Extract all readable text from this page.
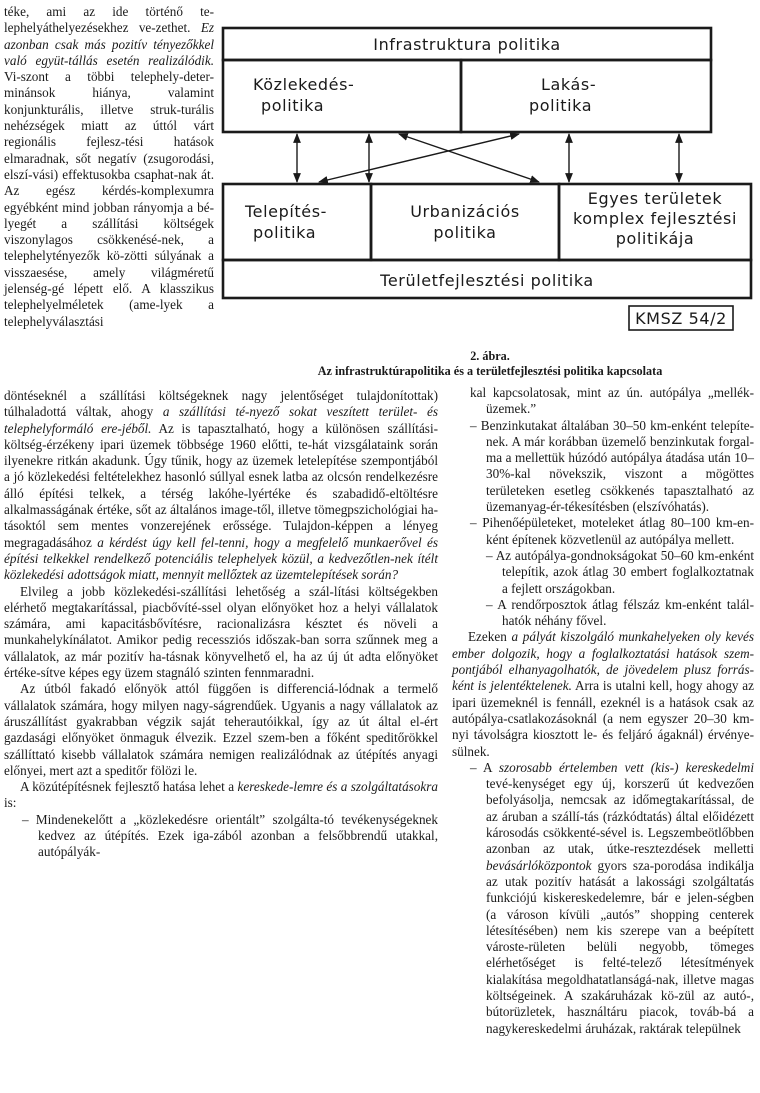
téke, ami az ide történő te-lephelyáthelyezésekhez ve-zethet. Ez azonban csak más pozitív tényezőkkel való együt-tállás esetén realizálódik. Vi-szont a többi telephely-deter-minánsok hiánya, valamint konjunkturális, illetve struk-turális nehézségek miatt az úttól várt regionális fejlesz-tési hatások elmaradnak, sőt negatív (zsugorodási, elszí-vási) effektusokba csaphat-nak át. Az egész kérdés-komplexumra egyébként mind jobban rányomja a bé-lyegét a szállítási költségek viszonylagos csökkenésé-nek, a telephelytényezők kö-zötti súlyának a visszaesése, amely világméretű jelenség-gé lépett elő. A klasszikus telephelyelméletek (ame-lyek a telephelyválasztási

Infrastruktura politika
Közlekedés-politika
Lakás-politika
Telepítés-politika
Urbanizációs politika
Egyes területek komplex fejlesztési politikája
Területfejlesztési politika
KMSZ 54/2
2. ábra.
Az infrastruktúrapolitika és a területfejlesztési politika kapcsolata

döntéseknél a szállítási költségeknek nagy jelentőséget tulajdonítottak) túlhaladottá váltak, ahogy a szállítási té-nyező sokat veszített terület- és telephelyformáló ere-jéből. Az is tapasztalható, hogy a különösen szállítási-költség-érzékeny ipari üzemek többsége 1960 előtti, te-hát vizsgálataink során ilyenekre ritkán akadunk. Úgy tűnik, hogy az üzemek letelepítése szempontjából a jó közlekedési feltételekhez hasonló súllyal esnek latba az olcsón rendelkezésre álló építési telkek, a térség lakóhe-lyértékе és szabadidő-eltöltésre alkalmasságának értéke, sőt az általános image-től, illetve tömegpszichológiai ha-tásoktól sem mentes vonzerejének erőssége. Tulajdon-képpen a lényeg megragadásához a kérdést úgy kell fel-tenni, hogy a megfelelő munkaerővel és építési telkekkel rendelkező potenciális telephelyek közül, a kedvezőtlen-nek ítélt közlekedési adottságok miatt, mennyit mellőztek az üzemtelepítések során?

Elvileg a jobb közlekedési-szállítási lehetőség a szál-lítási költségekben elérhető megtakarítással, piacbővíté-ssel olyan előnyöket hoz a helyi vállalatok számára, ami kapacitásbővítésre, racionalizásra késztet és növeli a munkahelykínálatot. Amikor pedig recessziós időszak-ban sorra szűnnek meg a vállalatok, az már pozitív ha-tásnak könyvelhető el, ha az új út adta előnyöket értéke-sítve képes egy üzem stagnáló szinten fennmaradni.

Az útból fakadó előnyök attól függően is differenciá-lódnak a termelő vállalatok számára, hogy milyen nagy-ságrendűek. Ugyanis a nagy vállalatok az áruszállítást gyakrabban végzik saját teherautóikkal, így az út által el-ért gazdasági előnyöket önmaguk élvezik. Ezzel szem-ben a főként speditőrökkel szállíttató kisebb vállalatok számára nemigen realizálódnak az útépítés anyagi előnyei, mert azt a speditőr fölözi le.

A közútépítésnek fejlesztő hatása lehet a kereskede-lemre és a szolgáltatásokra is:

– Mindenekelőtt a „közlekedésre orientált” szolgálta-tó tevékenységeknek kedvez az útépítés. Ezek iga-zából azonban a felsőbbrendű utakkal, autópályák-

kal kapcsolatosak, mint az ún. autópálya „mellék-üzemek.”

– Benzinkutakat általában 30–50 km-enként telepíte-nek. A már korábban üzemelő benzinkutak forgal-ma a mellettük húzódó autópálya átadása után 10–30%-kal növekszik, viszont a mögöttes területeken esetleg csökkenés tapasztalható az üzemanyag-ér-tékesítésben (elszívóhatás).

– Pihenőépületeket, moteleket átlag 80–100 km-en-ként építenek közvetlenül az autópálya mellett.

– Az autópálya-gondnokságokat 50–60 km-enként telepítik, azok átlag 30 embert foglalkoztatnak a fejlett országokban.

– A rendőrposztok átlag félszáz km-enként talál-hatók néhány fővel.

Ezeken a pályát kiszolgáló munkahelyeken oly kevés ember dolgozik, hogy a foglalkoztatási hatások szem-pontjából elhanyagolhatók, de jövedelem plusz forrás-ként is jelentéktelenek. Arra is utalni kell, hogy ahogy az ipari üzemeknél is fennáll, ezeknél is a hatások csak az autópálya-csatlakozásoknál (a nem egyszer 20–30 km-nyi távolságra kiosztott le- és feljáró ágaknál) érvénye-sülnek.

– A szorosabb értelemben vett (kis-) kereskedelmi tevé-kenységet egy új, korszerű út kedvezően befolyásolja, nemcsak az időmegtakarítással, de az áruban a szállí-tás (rázkódtatás) által előidézett károsodás csökkenté-sével is. Legszembeötlőbben azonban az utak, útke-resztezdések melletti bevásárlóközpontok gyors sza-porodása indikálja az utak pozitív hatását a lakossági szolgáltatás funkciójú kiskereskedelemre, bár e jelen-ségben (a városon kívüli „autós” shopping centerek létesítésében) nem kis szerepe van a beépített városte-rületen belüli negyobb, tömeges elérhetőséget is felté-telező létesítmények kialakítása megoldhatatlanságá-nak, illetve magas költségeinek. A szakáruházak kö-zül az autó-, bútorüzletek, használtáru piacok, továb-bá a nagykereskedelmi áruházak, raktárak települnek
